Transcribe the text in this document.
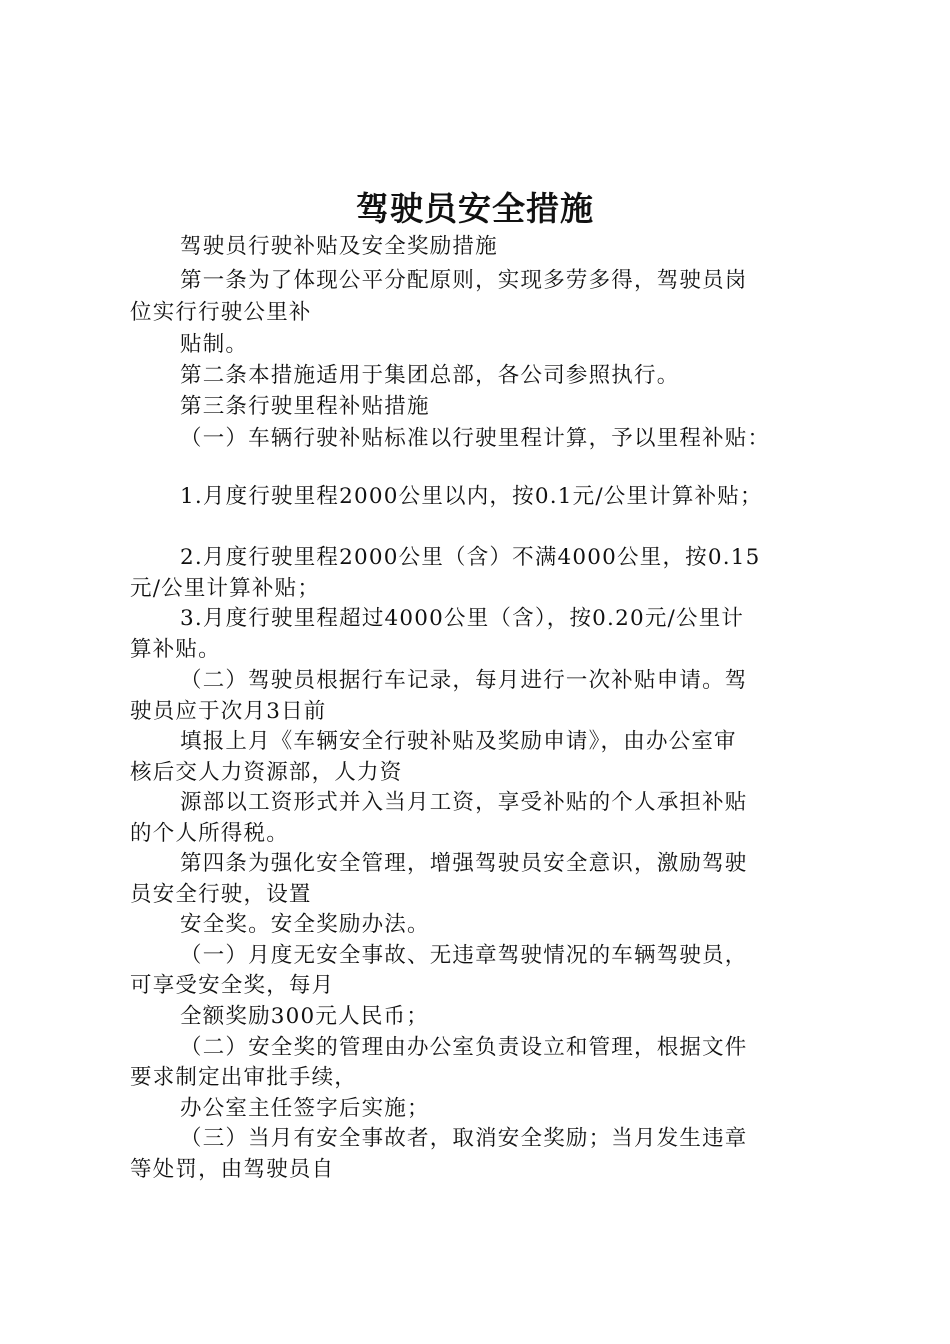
驾驶员安全措施

驾驶员行驶补贴及安全奖励措施

第一条为了体现公平分配原则，实现多劳多得，驾驶员岗

位实行行驶公里补

贴制。

第二条本措施适用于集团总部，各公司参照执行。

第三条行驶里程补贴措施

（一）车辆行驶补贴标准以行驶里程计算，予以里程补贴：

1.月度行驶里程2000公里以内，按0.1元/公里计算补贴；

2.月度行驶里程2000公里（含）不满4000公里，按0.15

元/公里计算补贴；

3.月度行驶里程超过4000公里（含），按0.20元/公里计

算补贴。

（二）驾驶员根据行车记录，每月进行一次补贴申请。驾

驶员应于次月3日前

填报上月《车辆安全行驶补贴及奖励申请》，由办公室审

核后交人力资源部，人力资

源部以工资形式并入当月工资，享受补贴的个人承担补贴

的个人所得税。

第四条为强化安全管理，增强驾驶员安全意识，激励驾驶

员安全行驶，设置

安全奖。安全奖励办法。

（一）月度无安全事故、无违章驾驶情况的车辆驾驶员，

可享受安全奖，每月

全额奖励300元人民币；

（二）安全奖的管理由办公室负责设立和管理，根据文件

要求制定出审批手续，

办公室主任签字后实施；

（三）当月有安全事故者，取消安全奖励；当月发生违章

等处罚，由驾驶员自
